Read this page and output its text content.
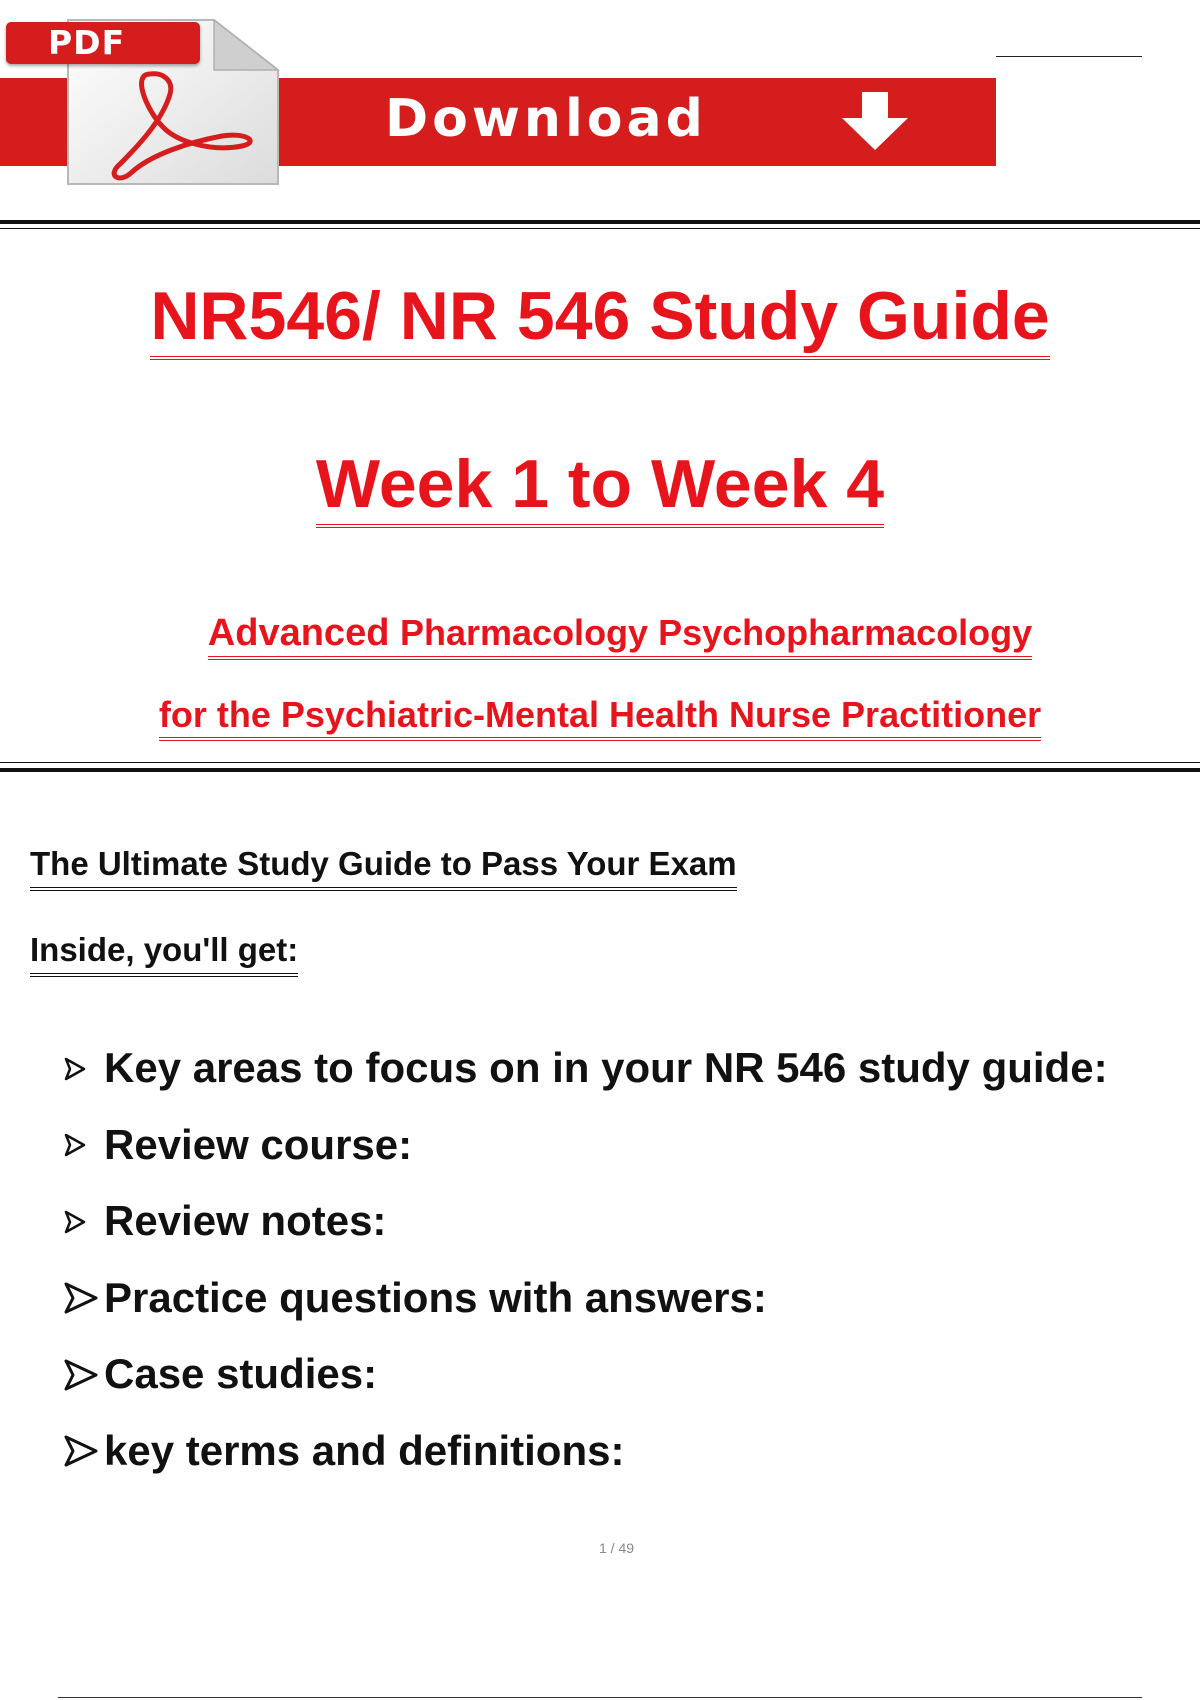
PDF
Download
NR546/ NR 546 Study Guide
Week 1 to Week 4
Advanced Pharmacology Psychopharmacology
for the Psychiatric-Mental Health Nurse Practitioner
The Ultimate Study Guide to Pass Your Exam
Inside, you'll get:
Key areas to focus on in your NR 546 study guide:
Review course:
Review notes:
Practice questions with answers:
Case studies:
key terms and definitions:
1 / 49
